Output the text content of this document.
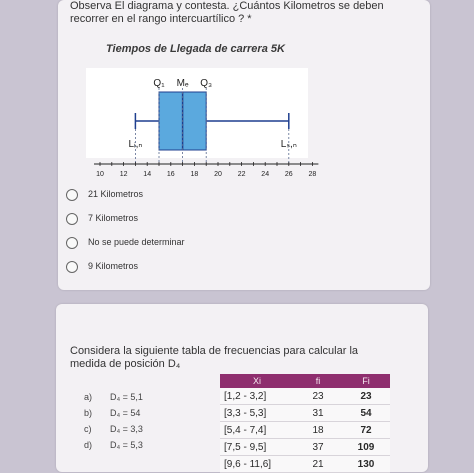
Observa El diagrama y contesta. ¿Cuántos Kilometros se deben recorrer en el rango intercuartílico ? *
Tiempos de Llegada de carrera 5K
Q₁ Mₑ Q₃
Lᵢ,ₙ	Lₛ,ₙ
10 12 14 16 18 20 22 24 26 28
21 Kilometros
7 Kilometros
No se puede determinar
9 Kilometros
Considera la siguiente tabla de frecuencias para calcular la medida de posición D₄
a) D₄ = 5,1
b) D₄ = 54
c) D₄ = 3,3
d) D₄ = 5,3
Xi	fi	Fi
[1,2 - 3,2]	23	23
[3,3 - 5,3]	31	54
[5,4 - 7,4]	18	72
[7,5 - 9,5]	37	109
[9,6 - 11,6]	21	130
